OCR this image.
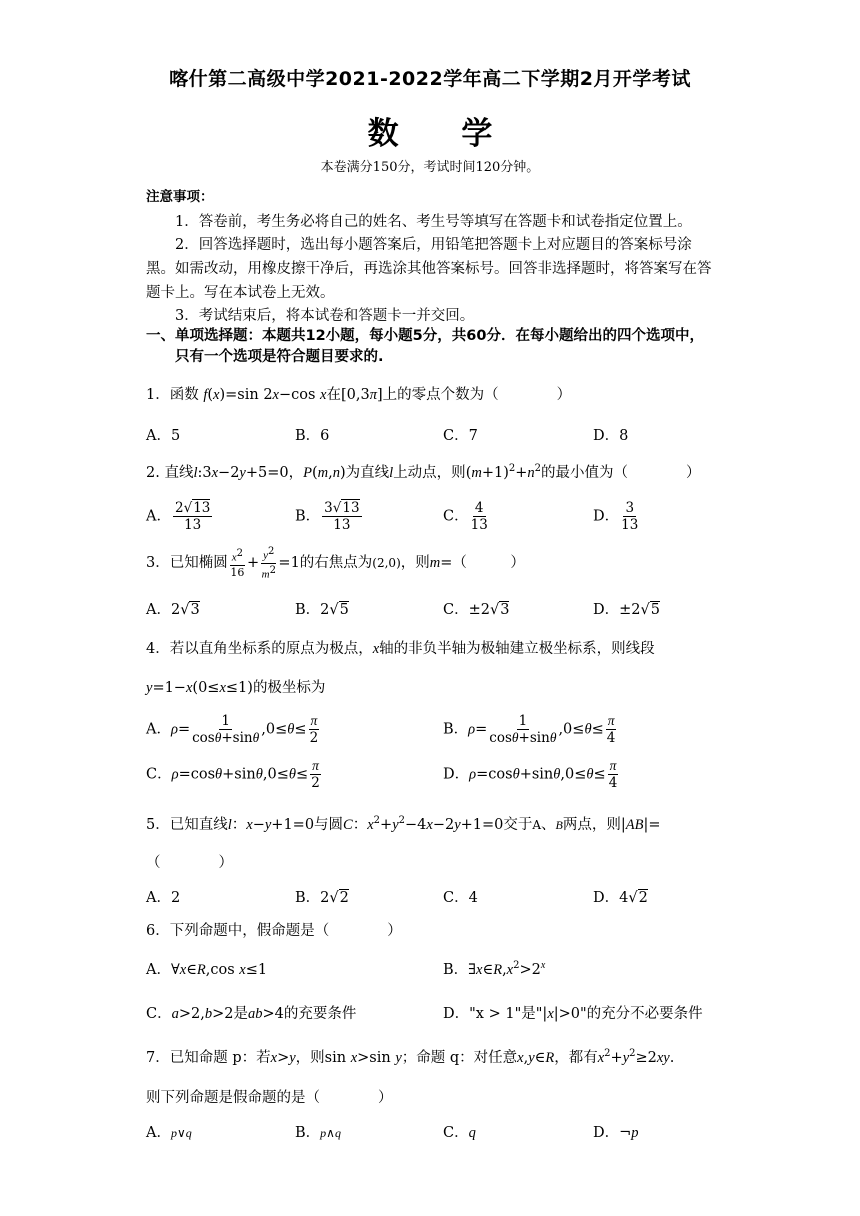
喀什第二高级中学2021-2022学年高二下学期2月开学考试
数 学
本卷满分150分，考试时间120分钟。
注意事项：
1．答卷前，考生务必将自己的姓名、考生号等填写在答题卡和试卷指定位置上。
2．回答选择题时，选出每小题答案后，用铅笔把答题卡上对应题目的答案标号涂黑。如需改动，用橡皮擦干净后，再选涂其他答案标号。回答非选择题时，将答案写在答题卡上。写在本试卷上无效。
3．考试结束后，将本试卷和答题卡一并交回。
一、单项选择题：本题共12小题，每小题5分，共60分．在每小题给出的四个选项中，
只有一个选项是符合题目要求的.
1．函数 f(x)=sin 2x−cos x在[0,3π]上的零点个数为（　　　　）
A．5	B．6	C．7	D．8
2. 直线l:3x−2y+5=0，P(m,n)为直线l上动点，则$(m+1)^2+n^2$的最小值为（　　　　）
A． $\frac{2√13}{13}$	B． $\frac{3√13}{13}$	C． $\frac{4}{13}$	D． $\frac{3}{13}$
3．已知椭圆 $\frac{x^2}{16} + \frac{y^2}{m^2} =1$的右焦点为(2,0)，则m=（　　　）
A．2√3	B．2√5	C．±2√3	D．±2√5
4．若以直角坐标系的原点为极点，x轴的非负半轴为极轴建立极坐标系，则线段
y=1−x(0≤x≤1)的极坐标为
A．$\rho= \frac{1}{\cos\theta+\sin\theta} ,0\le\theta\le \frac{\pi}{2}$	B．$\rho= \frac{1}{\cos\theta+\sin\theta} ,0\le\theta\le \frac{\pi}{4}$
C．$\rho=\cos\theta+\sin\theta,0\le\theta\le \frac{\pi}{2}$	D．$\rho=\cos\theta+\sin\theta,0\le\theta\le \frac{\pi}{4}$
5．已知直线l：x−y+1=0与圆C：$x^2+y^2-4x-2y+1=0$交于A、B两点，则|AB|=
（　　　　）
A．2	B．2√2	C．4	D．4√2
6．下列命题中，假命题是（　　　　）
A．∀x∈R,cos x≤1	B．$\exists x\in R,x^2>2^x$
C．a>2,b>2是ab>4的充要条件	D．"x > 1"是"|x|>0"的充分不必要条件
7．已知命题 p：若x>y，则sin x>sin y；命题 q：对任意x,y∈R，都有$x^2+y^2\ge 2xy$.
则下列命题是假命题的是（　　　　）
A．p∨q	B．p∧q	C．q	D．¬p
